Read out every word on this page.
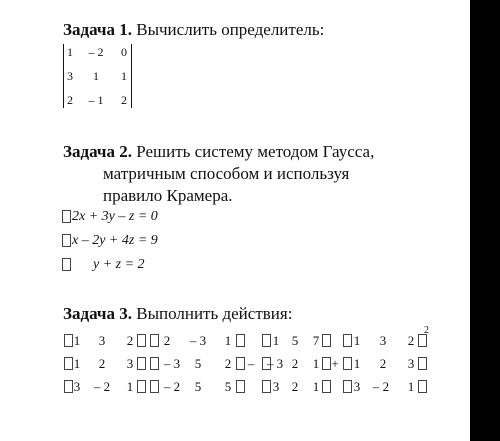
Задача 1. Вычислить определитель:
1	– 2	0
3 1 1
2	– 1	2
Задача 2. Решить систему методом Гаусса,
матричным способом и используя
правило Крамера.
2x + 3y – z = 0
x – 2y + 4z = 9
y + z = 2
Задача 3. Выполнить действия:
1 3 2
1 2 3
3 – 2 1
2 – 3 1
– 3 5 2
– 2 5 5
–
1 5 7
– 3 2 1
3 2 1
+
1 3 2
1 2 3
3 – 2	1
2
